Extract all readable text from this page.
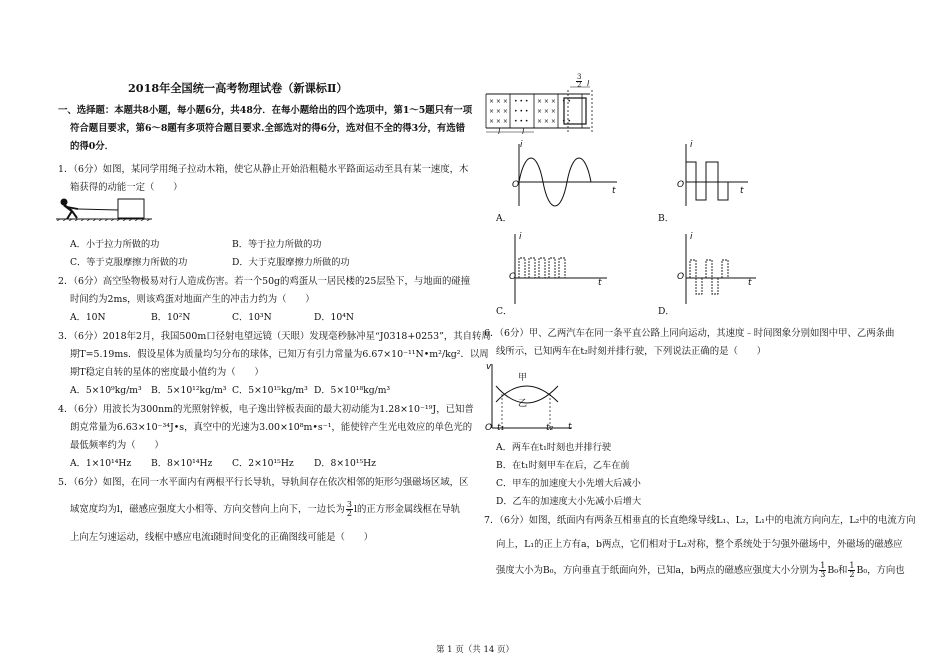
2018年全国统一高考物理试卷（新课标Ⅱ）
一、选择题：本题共8小题，每小题6分，共48分．在每小题给出的四个选项中，第1～5题只有一项
符合题目要求，第6～8题有多项符合题目要求.全部选对的得6分，选对但不全的得3分，有选错
的得0分．
1．（6分）如图，某同学用绳子拉动木箱，使它从静止开始沿粗糙水平路面运动至具有某一速度，木
箱获得的动能一定（　　）
A．小于拉力所做的功	B．等于拉力所做的功
C．等于克服摩擦力所做的功	D．大于克服摩擦力所做的功
2．（6分）高空坠物极易对行人造成伤害。若一个50g的鸡蛋从一居民楼的25层坠下，与地面的碰撞
时间约为2ms，则该鸡蛋对地面产生的冲击力约为（　　）
A．10N	B．10²N	C．10³N	D．10⁴N
3．（6分）2018年2月，我国500m口径射电望远镜（天眼）发现毫秒脉冲星“J0318+0253”，其自转周
期T=5.19ms．假设星体为质量均匀分布的球体，已知万有引力常量为6.67×10⁻¹¹N•m²/kg²．以周
期T稳定自转的星体的密度最小值约为（　　）
A．5×10⁹kg/m³ B．5×10¹²kg/m³ C．5×10¹⁵kg/m³ D．5×10¹⁸kg/m³
4．（6分）用波长为300nm的光照射锌板，电子逸出锌板表面的最大初动能为1.28×10⁻¹⁹J，已知普
朗克常量为6.63×10⁻³⁴J•s，真空中的光速为3.00×10⁸m•s⁻¹，能使锌产生光电效应的单色光的
最低频率约为（　　）
A．1×10¹⁴Hz B．8×10¹⁴Hz C．2×10¹⁵Hz D．8×10¹⁵Hz
5．（6分）如图，在同一水平面内有两根平行长导轨，导轨间存在依次相邻的矩形匀强磁场区域，区
域宽度均为l，磁感应强度大小相等、方向交替向上向下，一边长为 $\frac{3}{2}$ l的正方形金属线框在导轨
上向左匀速运动，线框中感应电流i随时间变化的正确图线可能是（　　）
× × ×
× × ×
× × ×
• • •
• • •
• • •
× × ×
× × ×
× × ×
• •
• •
$\frac{3}{2}$ l
l	l
i
O
t
A．
i
O
t
B．
i
O
t
C．
i
O
t
D．
6．（6分）甲、乙两汽车在同一条平直公路上同向运动，其速度﹣时间图象分别如图中甲、乙两条曲
线所示，已知两车在t₂时刻并排行驶，下列说法正确的是（　　）
v
O t₁	t₂ t
甲
乙
A．两车在t₁时刻也并排行驶
B．在t₁时刻甲车在后，乙车在前
C．甲车的加速度大小先增大后减小
D．乙车的加速度大小先减小后增大
7．（6分）如图，纸面内有两条互相垂直的长直绝缘导线L₁、L₂，L₁中的电流方向向左，L₂中的电流方向
向上，L₁的正上方有a，b两点，它们相对于L₂对称，整个系统处于匀强外磁场中，外磁场的磁感应
强度大小为B₀，方向垂直于纸面向外，已知a，b两点的磁感应强度大小分别为 $\frac{1}{3} B_0$和 $\frac{1}{2} B_0$，方向也
第 1 页（共 14 页）
